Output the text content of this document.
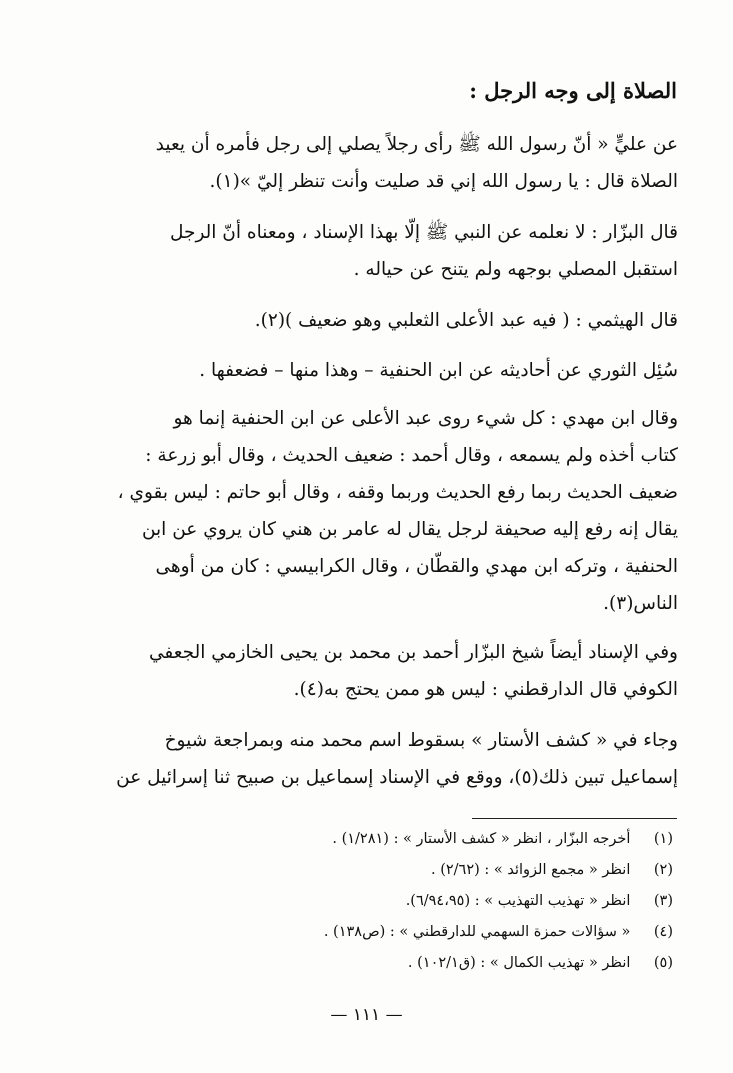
الصلاة إلى وجه الرجل :
عن عليٍّ « أنّ رسول الله ﷺ رأى رجلاً يصلي إلى رجل فأمره أن يعيد
الصلاة قال : يا رسول الله إني قد صليت وأنت تنظر إليّ »(١).
قال البزّار : لا نعلمه عن النبي ﷺ إلّا بهذا الإسناد ، ومعناه أنّ الرجل
استقبل المصلي بوجهه ولم يتنح عن حياله .
قال الهيثمي : ( فيه عبد الأعلى الثعلبي وهو ضعيف )(٢).
سُئِل الثوري عن أحاديثه عن ابن الحنفية – وهذا منها – فضعفها .
وقال ابن مهدي : كل شيء روى عبد الأعلى عن ابن الحنفية إنما هو
كتاب أخذه ولم يسمعه ، وقال أحمد : ضعيف الحديث ، وقال أبو زرعة :
ضعيف الحديث ربما رفع الحديث وربما وقفه ، وقال أبو حاتم : ليس بقوي ،
يقال إنه رفع إليه صحيفة لرجل يقال له عامر بن هني كان يروي عن ابن
الحنفية ، وتركه ابن مهدي والقطّان ، وقال الكرابيسي : كان من أوهى
الناس(٣).
وفي الإسناد أيضاً شيخ البزّار أحمد بن محمد بن يحيى الخازمي الجعفي
الكوفي قال الدارقطني : ليس هو ممن يحتج به(٤).
وجاء في « كشف الأستار » بسقوط اسم محمد منه وبمراجعة شيوخ
إسماعيل تبين ذلك(٥)، ووقع في الإسناد إسماعيل بن صبيح ثنا إسرائيل عن
(١) أخرجه البزّار ، انظر « كشف الأستار » : (١/٢٨١) .
(٢) انظر « مجمع الزوائد » : (٢/٦٢) .
(٣) انظر « تهذيب التهذيب » : (٦/٩٤،٩٥).
(٤) « سؤالات حمزة السهمي للدارقطني » : (ص١٣٨) .
(٥) انظر « تهذيب الكمال » : (ق١٠٢/١) .
— ١١١ —
